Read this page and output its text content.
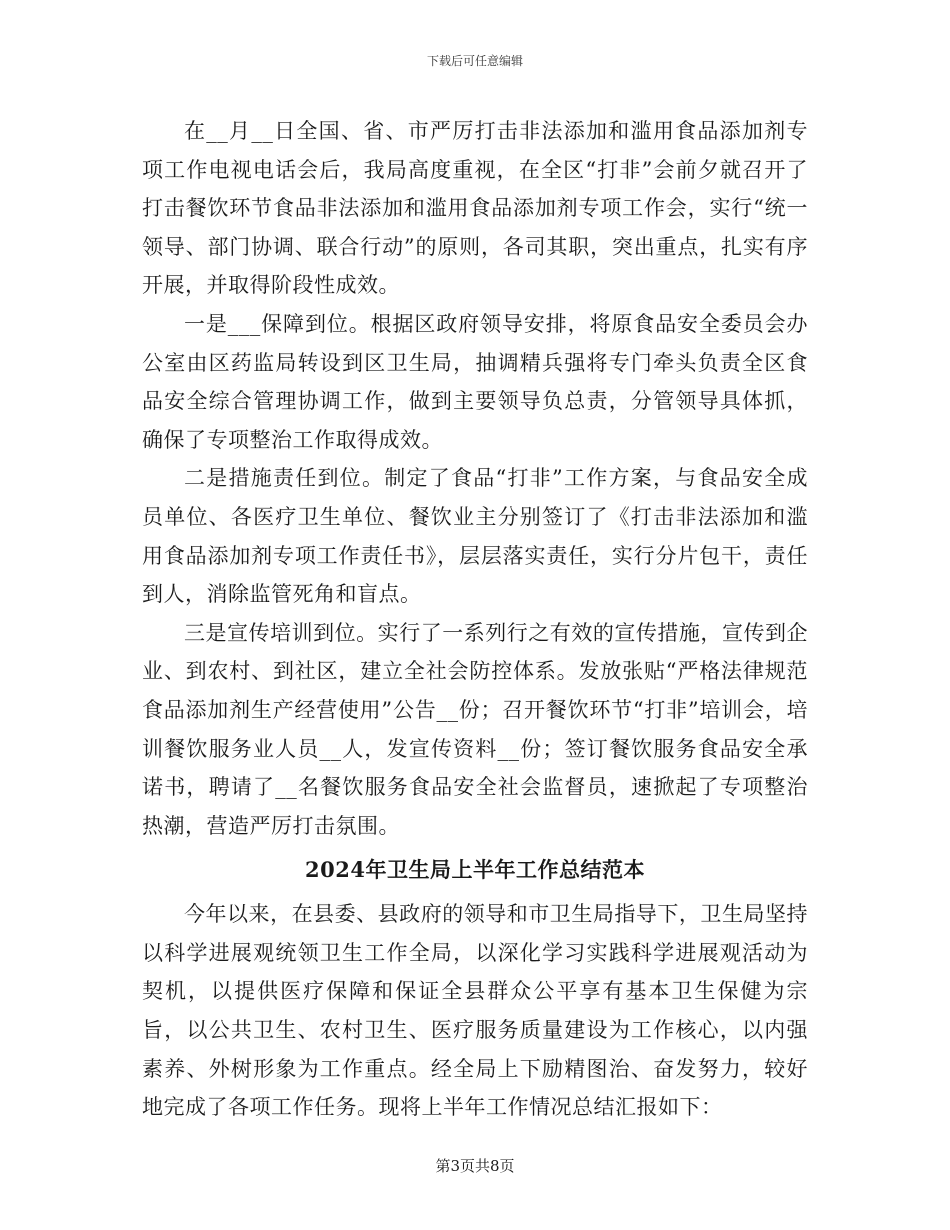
下载后可任意编辑

在__月__日全国、省、市严厉打击非法添加和滥用食品添加剂专项工作电视电话会后，我局高度重视，在全区“打非”会前夕就召开了打击餐饮环节食品非法添加和滥用食品添加剂专项工作会，实行“统一领导、部门协调、联合行动”的原则，各司其职，突出重点，扎实有序开展，并取得阶段性成效。

一是___保障到位。根据区政府领导安排，将原食品安全委员会办公室由区药监局转设到区卫生局，抽调精兵强将专门牵头负责全区食品安全综合管理协调工作，做到主要领导负总责，分管领导具体抓，确保了专项整治工作取得成效。

二是措施责任到位。制定了食品“打非”工作方案，与食品安全成员单位、各医疗卫生单位、餐饮业主分别签订了《打击非法添加和滥用食品添加剂专项工作责任书》，层层落实责任，实行分片包干，责任到人，消除监管死角和盲点。

三是宣传培训到位。实行了一系列行之有效的宣传措施，宣传到企业、到农村、到社区，建立全社会防控体系。发放张贴“严格法律规范食品添加剂生产经营使用”公告__份；召开餐饮环节“打非”培训会，培训餐饮服务业人员__人，发宣传资料__份；签订餐饮服务食品安全承诺书，聘请了__名餐饮服务食品安全社会监督员，速掀起了专项整治热潮，营造严厉打击氛围。

2024年卫生局上半年工作总结范本

今年以来，在县委、县政府的领导和市卫生局指导下，卫生局坚持以科学进展观统领卫生工作全局，以深化学习实践科学进展观活动为契机，以提供医疗保障和保证全县群众公平享有基本卫生保健为宗旨，以公共卫生、农村卫生、医疗服务质量建设为工作核心，以内强素养、外树形象为工作重点。经全局上下励精图治、奋发努力，较好地完成了各项工作任务。现将上半年工作情况总结汇报如下：

第3页共8页
